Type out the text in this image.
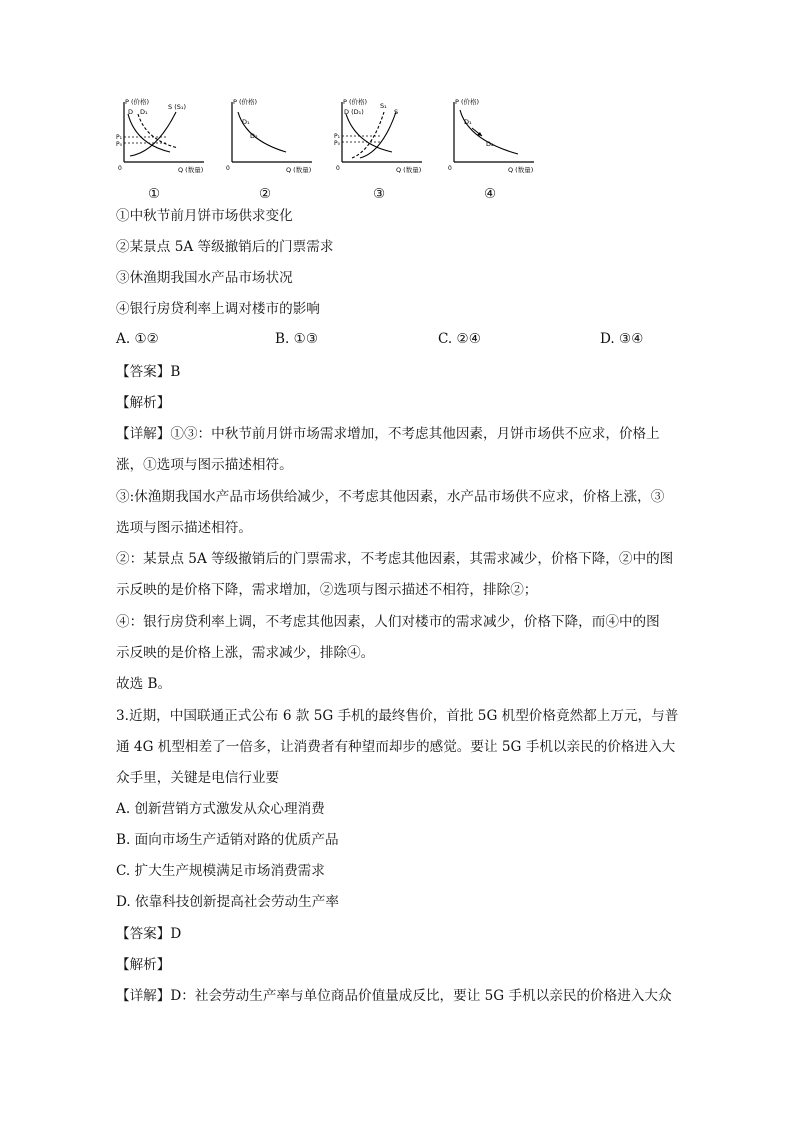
P (价格)
S (S₁)
D D₁
P₁
P₀
0	Q (数量)
P (价格)
D₁
D₂
0	Q (数量)
P (价格)
D (D₁)
S₁
S
P₁
P₀
0	Q (数量)
P (价格)
D₁
D₂
0	Q (数量)
①	②	③	④
①中秋节前月饼市场供求变化
②某景点 5A 等级撤销后的门票需求
③休渔期我国水产品市场状况
④银行房贷利率上调对楼市的影响
A. ①②	B. ①③	C. ②④	D. ③④
【答案】B
【解析】
【详解】①③：中秋节前月饼市场需求增加，不考虑其他因素，月饼市场供不应求，价格上
涨，①选项与图示描述相符。
③:休渔期我国水产品市场供给减少，不考虑其他因素，水产品市场供不应求，价格上涨，③
选项与图示描述相符。
②：某景点 5A 等级撤销后的门票需求，不考虑其他因素，其需求减少，价格下降，②中的图
示反映的是价格下降，需求增加，②选项与图示描述不相符，排除②；
④：银行房贷利率上调，不考虑其他因素，人们对楼市的需求减少，价格下降，而④中的图
示反映的是价格上涨，需求减少，排除④。
故选 B。
3.近期，中国联通正式公布 6 款 5G 手机的最终售价，首批 5G 机型价格竟然都上万元，与普
通 4G 机型相差了一倍多，让消费者有种望而却步的感觉。要让 5G 手机以亲民的价格进入大
众手里，关键是电信行业要
A. 创新营销方式激发从众心理消费
B. 面向市场生产适销对路的优质产品
C. 扩大生产规模满足市场消费需求
D. 依靠科技创新提高社会劳动生产率
【答案】D
【解析】
【详解】D：社会劳动生产率与单位商品价值量成反比，要让 5G 手机以亲民的价格进入大众
